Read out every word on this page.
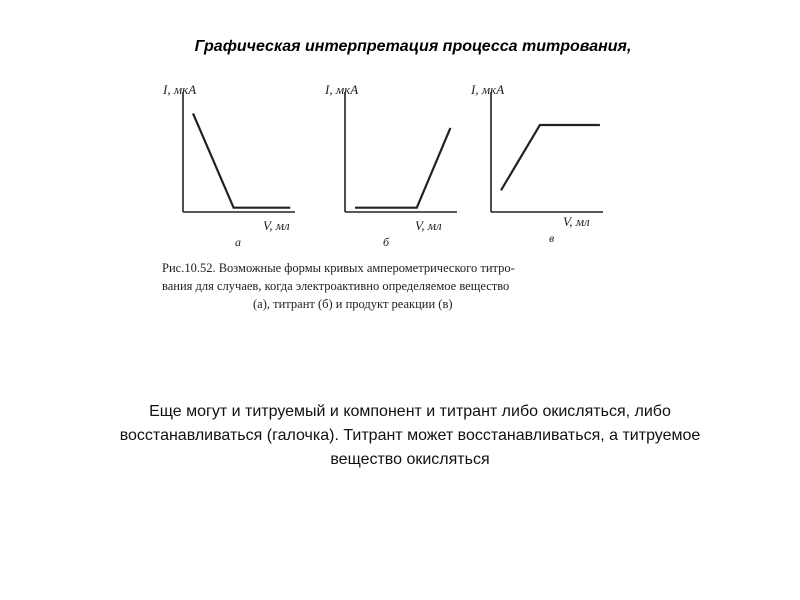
Графическая интерпретация процесса титрования,
I, мкА
V, мл
а
I, мкА
V, мл
б
I, мкА
V, мл
в
Рис.10.52. Возможные формы кривых амперометрического титро-
вания для случаев, когда электроактивно определяемое вещество
(а), титрант (б) и продукт реакции (в)
Еще могут и титруемый и компонент и титрант либо окисляться, либо
восстанавливаться (галочка). Титрант может восстанавливаться, а титруемое
вещество окисляться
